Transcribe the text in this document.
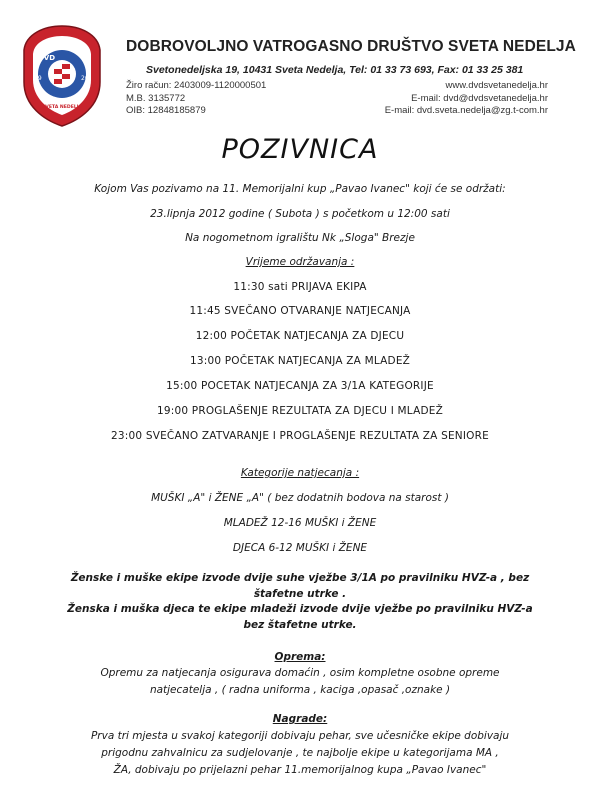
DVD
19	26
SVETA NEDELJA
DOBROVOLJNO VATROGASNO DRUŠTVO SVETA NEDELJA
Svetonedeljska 19, 10431 Sveta Nedelja, Tel: 01 33 73 693, Fax: 01 33 25 381
Žiro račun: 2403009-1120000501
M.B. 3135772
OIB: 12848185879
www.dvdsvetanedelja.hr
E-mail: dvd@dvdsvetanedelja.hr
E-mail: dvd.sveta.nedelja@zg.t-com.hr
POZIVNICA
Kojom Vas pozivamo na 11. Memorijalni kup „Pavao Ivanec" koji će se održati:
23.lipnja 2012 godine ( Subota ) s početkom u 12:00 sati
Na nogometnom igralištu Nk „Sloga" Brezje
Vrijeme održavanja :
11:30 sati PRIJAVA EKIPA
11:45 SVEČANO OTVARANJE NATJECANJA
12:00 POČETAK NATJECANJA ZA DJECU
13:00 POČETAK NATJECANJA ZA MLADEŽ
15:00 POCETAK NATJECANJA ZA 3/1A KATEGORIJE
19:00 PROGLAŠENJE REZULTATA ZA DJECU I MLADEŽ
23:00 SVEČANO ZATVARANJE I PROGLAŠENJE REZULTATA ZA SENIORE
Kategorije natjecanja :
MUŠKI „A" i ŽENE „A" ( bez dodatnih bodova na starost )
MLADEŽ 12-16 MUŠKI i ŽENE
DJECA 6-12 MUŠKI i ŽENE
Ženske i muške ekipe izvode dvije suhe vježbe 3/1A po pravilniku HVZ-a , bez
štafetne utrke .
Ženska i muška djeca te ekipe mladeži izvode dvije vježbe po pravilniku HVZ-a
bez štafetne utrke.
Oprema:
Opremu za natjecanja osigurava domaćin , osim kompletne osobne opreme
natjecatelja , ( radna uniforma , kaciga ,opasač ,oznake )
Nagrade:
Prva tri mjesta u svakoj kategoriji dobivaju pehar, sve učesničke ekipe dobivaju
prigodnu zahvalnicu za sudjelovanje , te najbolje ekipe u kategorijama MA ,
ŽA, dobivaju po prijelazni pehar 11.memorijalnog kupa „Pavao Ivanec"
